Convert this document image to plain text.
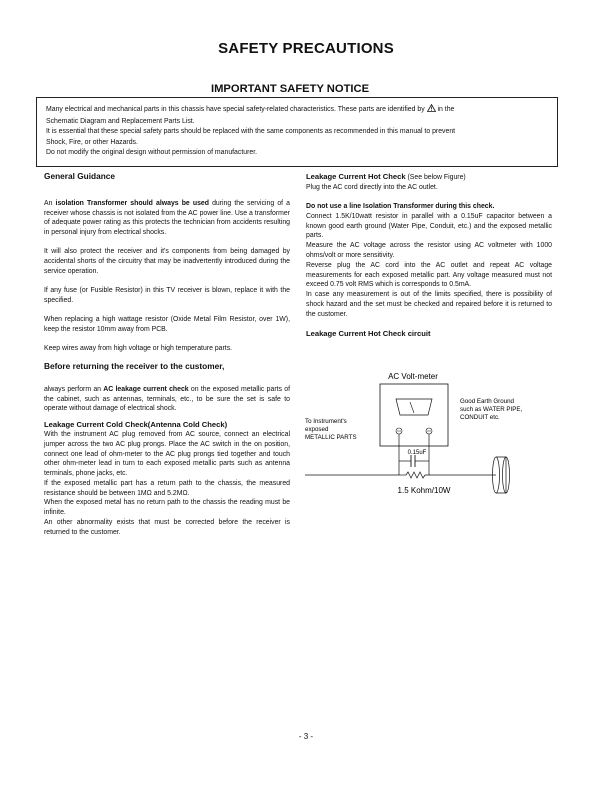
SAFETY PRECAUTIONS
IMPORTANT SAFETY NOTICE
Many electrical and mechanical parts in this chassis have special safety-related characteristics. These parts are identified by in the
Schematic Diagram and Replacement Parts List.
It is essential that these special safety parts should be replaced with the same components as recommended in this manual to prevent
Shock, Fire, or other Hazards.
Do not modify the original design without permission of manufacturer.
General Guidance

An isolation Transformer should always be used during the servicing of a receiver whose chassis is not isolated from the AC power line. Use a transformer of adequate power rating as this protects the technician from accidents resulting in personal injury from electrical shocks.

It will also protect the receiver and it's components from being damaged by accidental shorts of the circuitry that may be inadvertently introduced during the service operation.

If any fuse (or Fusible Resistor) in this TV receiver is blown, replace it with the specified.

When replacing a high wattage resistor (Oxide Metal Film Resistor, over 1W), keep the resistor 10mm away from PCB.

Keep wires away from high voltage or high temperature parts.

Before returning the receiver to the customer,

always perform an AC leakage current check on the exposed metallic parts of the cabinet, such as antennas, terminals, etc., to be sure the set is safe to operate without damage of electrical shock.

Leakage Current Cold Check(Antenna Cold Check)

With the instrument AC plug removed from AC source, connect an electrical jumper across the two AC plug prongs. Place the AC switch in the on position, connect one lead of ohm-meter to the AC plug prongs tied together and touch other ohm-meter lead in turn to each exposed metallic parts such as antenna terminals, phone jacks, etc.

If the exposed metallic part has a return path to the chassis, the measured resistance should be between 1MΩ and 5.2MΩ.

When the exposed metal has no return path to the chassis the reading must be infinite.

An other abnormality exists that must be corrected before the receiver is returned to the customer.

Leakage Current Hot Check (See below Figure)

Plug the AC cord directly into the AC outlet.

Do not use a line Isolation Transformer during this check.

Connect 1.5K/10watt resistor in parallel with a 0.15uF capacitor between a known good earth ground (Water Pipe, Conduit, etc.) and the exposed metallic parts.

Measure the AC voltage across the resistor using AC voltmeter with 1000 ohms/volt or more sensitivity.

Reverse plug the AC cord into the AC outlet and repeat AC voltage measurements for each exposed metallic part. Any voltage measured must not exceed 0.75 volt RMS which is corresponds to 0.5mA.

In case any measurement is out of the limits specified, there is possibility of shock hazard and the set must be checked and repaired before it is returned to the customer.

Leakage Current Hot Check circuit
AC Volt-meter
0.15uF
1.5 Kohm/10W
To Instrument's
exposed
METALLIC PARTS
Good Earth Ground
such as WATER PIPE,
CONDUIT etc.
- 3 -
